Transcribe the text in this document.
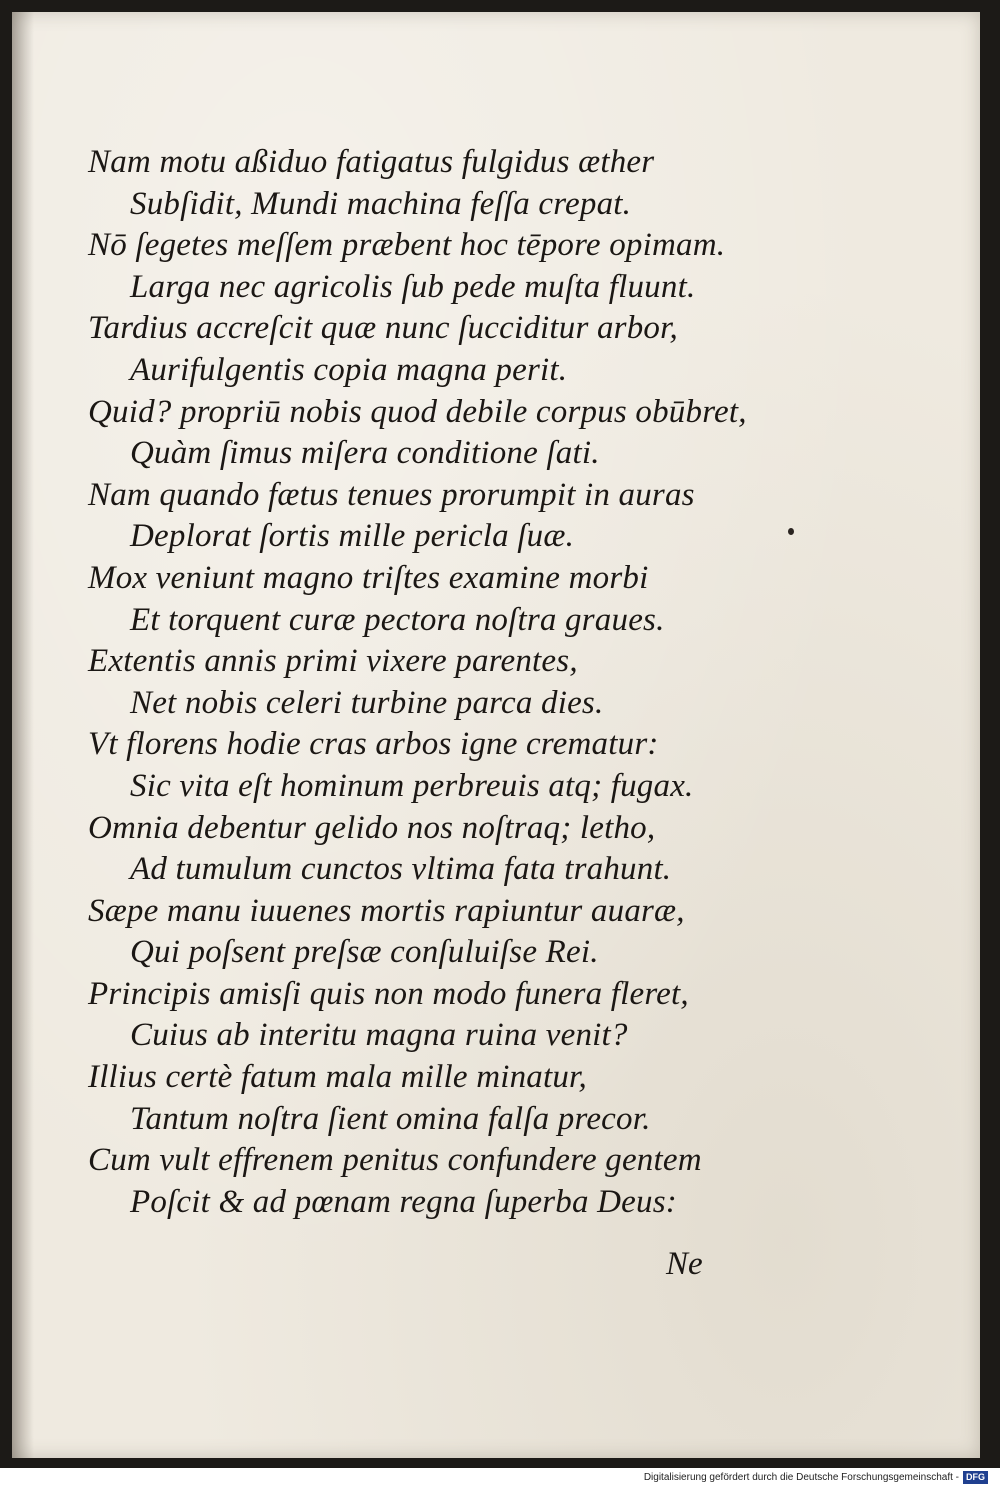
Nam motu aßiduo fatigatus fulgidus æther

Subſidit, Mundi machina feſſa crepat.

Nō ſegetes meſſem præbent hoc tēpore opimam.

Larga nec agricolis ſub pede muſta fluunt.

Tardius accreſcit quæ nunc ſucciditur arbor,

Aurifulgentis copia magna perit.

Quid? propriū nobis quod debile corpus obūbret,

Quàm ſimus miſera conditione ſati.

Nam quando fætus tenues prorumpit in auras

Deplorat ſortis mille pericla ſuæ.

Mox veniunt magno triſtes examine morbi

Et torquent curæ pectora noſtra graues.

Extentis annis primi vixere parentes,

Net nobis celeri turbine parca dies.

Vt florens hodie cras arbos igne crematur:

Sic vita eſt hominum perbreuis atq; fugax.

Omnia debentur gelido nos noſtraq; letho,

Ad tumulum cunctos vltima fata trahunt.

Sæpe manu iuuenes mortis rapiuntur auaræ,

Qui poſsent preſsæ conſuluiſse Rei.

Principis amisſi quis non modo funera fleret,

Cuius ab interitu magna ruina venit?

Illius certè fatum mala mille minatur,

Tantum noſtra ſient omina falſa precor.

Cum vult effrenem penitus confundere gentem

Poſcit & ad pœnam regna ſuperba Deus:

Ne
Digitalisierung gefördert durch die Deutsche Forschungsgemeinschaft - DFG
